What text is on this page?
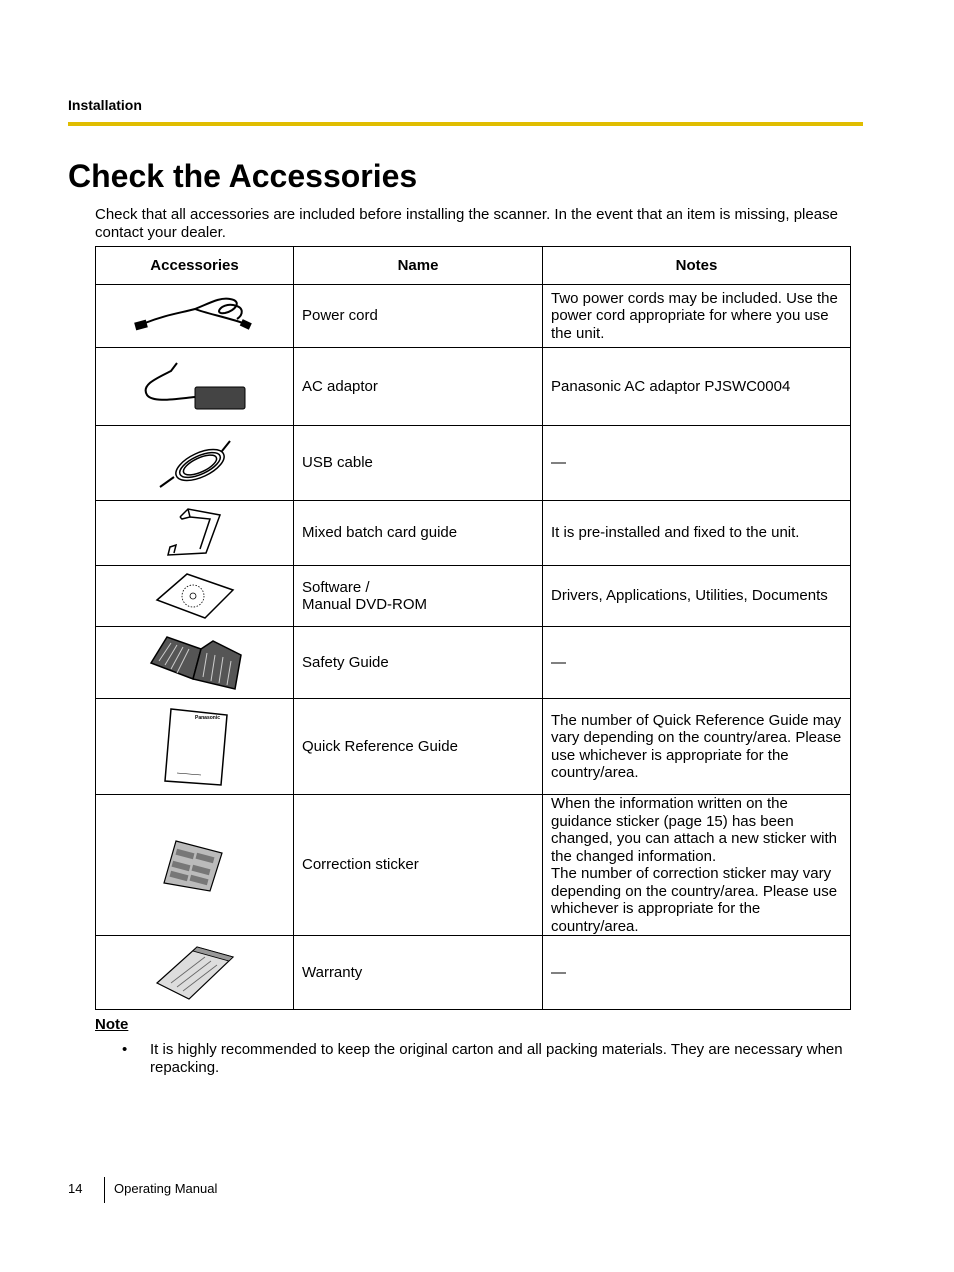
Installation
Check the Accessories
Check that all accessories are included before installing the scanner. In the event that an item is missing, please contact your dealer.
Accessories	Name	Notes

	Power cord	Two power cords may be included. Use the power cord appropriate for where you use the unit.

	AC adaptor	Panasonic AC adaptor PJSWC0004

	USB cable	—

	Mixed batch card guide	It is pre-installed and fixed to the unit.

	Software /
Manual DVD-ROM	Drivers, Applications, Utilities, Documents

	Safety Guide	—

Panasonic	Quick Reference Guide	The number of Quick Reference Guide may vary depending on the country/area. Please use whichever is appropriate for the country/area.

	Correction sticker	When the information written on the guidance sticker (page 15) has been changed, you can attach a new sticker with the changed information.
The number of correction sticker may vary depending on the country/area. Please use whichever is appropriate for the country/area.

	Warranty	—
Note
• It is highly recommended to keep the original carton and all packing materials. They are necessary when repacking.
14 Operating Manual
